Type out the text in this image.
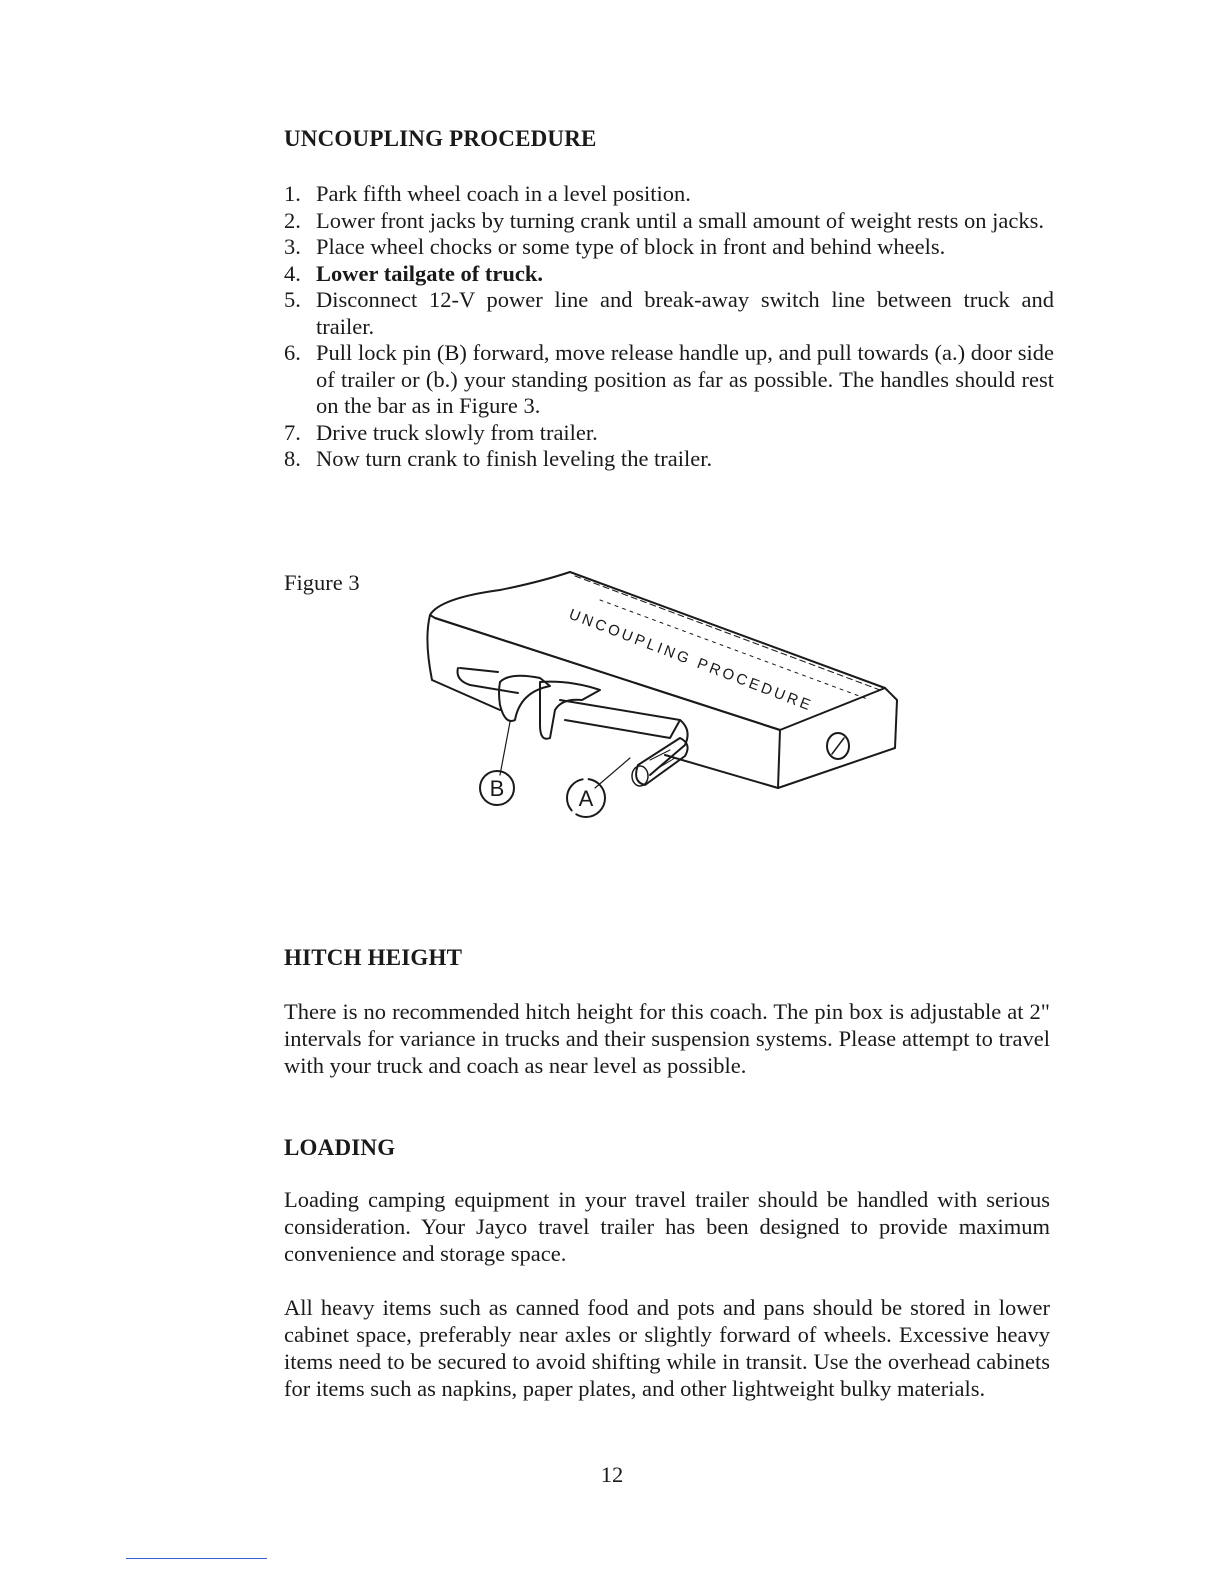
UNCOUPLING PROCEDURE
1. Park fifth wheel coach in a level position.
2. Lower front jacks by turning crank until a small amount of weight rests on jacks.
3. Place wheel chocks or some type of block in front and behind wheels.
4. Lower tailgate of truck.
5. Disconnect 12-V power line and break-away switch line between truck and trailer.
6. Pull lock pin (B) forward, move release handle up, and pull towards (a.) door side of trailer or (b.) your standing position as far as possible. The handles should rest on the bar as in Figure 3.
7. Drive truck slowly from trailer.
8. Now turn crank to finish leveling the trailer.
Figure 3
B	A
UNCOUPLING PROCEDURE
HITCH HEIGHT

There is no recommended hitch height for this coach. The pin box is adjustable at 2" intervals for variance in trucks and their suspension systems. Please attempt to travel with your truck and coach as near level as possible.

LOADING

Loading camping equipment in your travel trailer should be handled with serious consideration. Your Jayco travel trailer has been designed to provide maximum convenience and storage space.

All heavy items such as canned food and pots and pans should be stored in lower cabinet space, preferably near axles or slightly forward of wheels. Excessive heavy items need to be secured to avoid shifting while in transit. Use the overhead cabinets for items such as napkins, paper plates, and other lightweight bulky materials.

12
